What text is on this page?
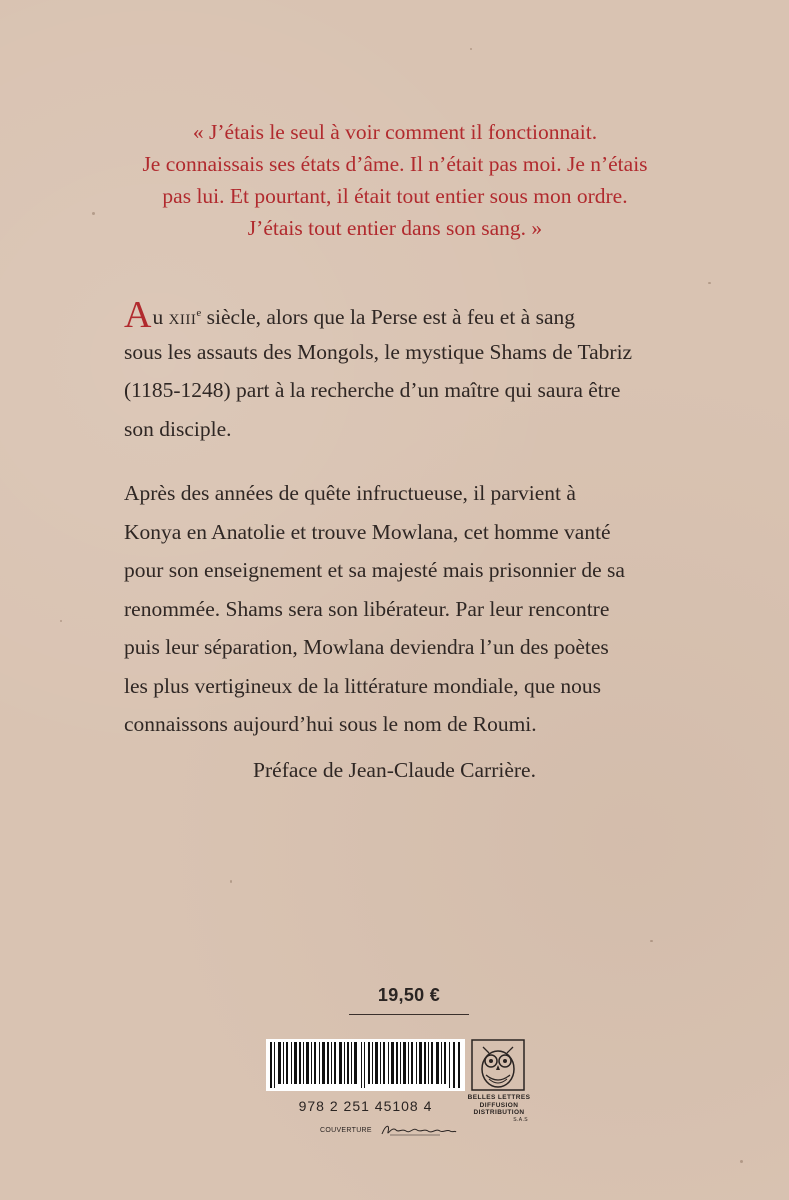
« J’étais le seul à voir comment il fonctionnait.
Je connaissais ses états d’âme. Il n’était pas moi. Je n’étais
pas lui. Et pourtant, il était tout entier sous mon ordre.
J’étais tout entier dans son sang. »
Au XIIIe siècle, alors que la Perse est à feu et à sang
sous les assauts des Mongols, le mystique Shams de Tabriz
(1185-1248) part à la recherche d’un maître qui saura être
son disciple.
Après des années de quête infructueuse, il parvient à
Konya en Anatolie et trouve Mowlana, cet homme vanté
pour son enseignement et sa majesté mais prisonnier de sa
renommée. Shams sera son libérateur. Par leur rencontre
puis leur séparation, Mowlana deviendra l’un des poètes
les plus vertigineux de la littérature mondiale, que nous
connaissons aujourd’hui sous le nom de Roumi.
Préface de Jean-Claude Carrière.
19,50 €
978 2 251 45108 4
BELLES LETTRES
DIFFUSION
DISTRIBUTION
S.A.S
COUVERTURE
